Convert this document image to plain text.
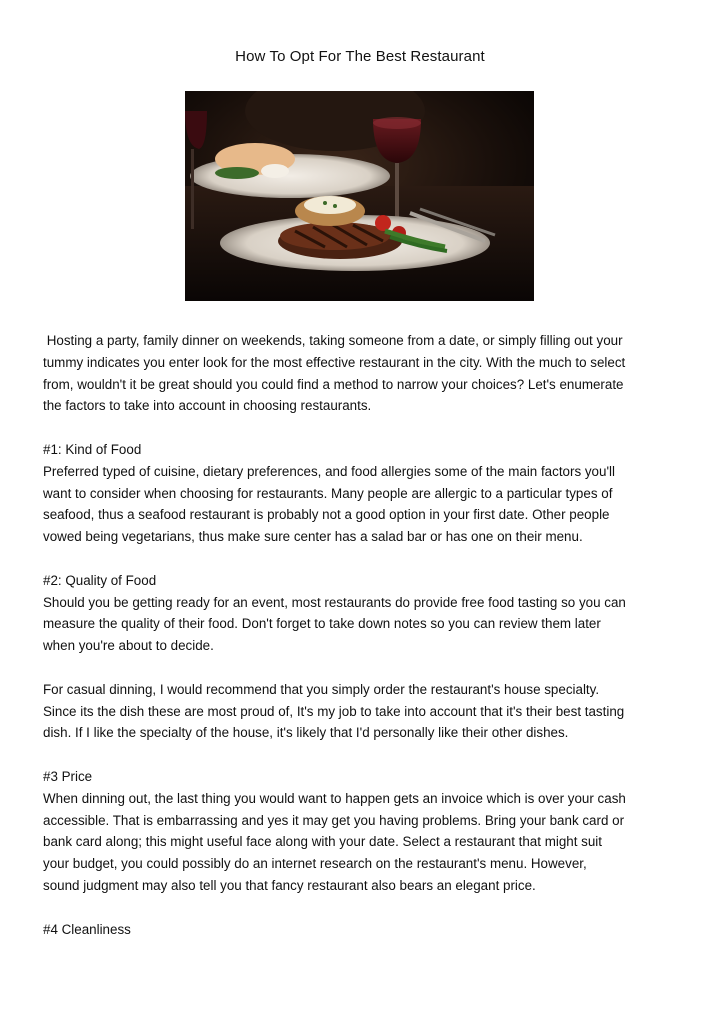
How To Opt For The Best Restaurant
Hosting a party, family dinner on weekends, taking someone from a date, or simply filling out your
tummy indicates you enter look for the most effective restaurant in the city. With the much to select
from, wouldn't it be great should you could find a method to narrow your choices? Let's enumerate
the factors to take into account in choosing restaurants.
#1: Kind of Food
Preferred typed of cuisine, dietary preferences, and food allergies some of the main factors you'll
want to consider when choosing for restaurants. Many people are allergic to a particular types of
seafood, thus a seafood restaurant is probably not a good option in your first date. Other people
vowed being vegetarians, thus make sure center has a salad bar or has one on their menu.
#2: Quality of Food
Should you be getting ready for an event, most restaurants do provide free food tasting so you can
measure the quality of their food. Don't forget to take down notes so you can review them later
when you're about to decide.
For casual dinning, I would recommend that you simply order the restaurant's house specialty.
Since its the dish these are most proud of, It's my job to take into account that it's their best tasting
dish. If I like the specialty of the house, it's likely that I'd personally like their other dishes.
#3 Price
When dinning out, the last thing you would want to happen gets an invoice which is over your cash
accessible. That is embarrassing and yes it may get you having problems. Bring your bank card or
bank card along; this might useful face along with your date. Select a restaurant that might suit
your budget, you could possibly do an internet research on the restaurant's menu. However,
sound judgment may also tell you that fancy restaurant also bears an elegant price.
#4 Cleanliness
